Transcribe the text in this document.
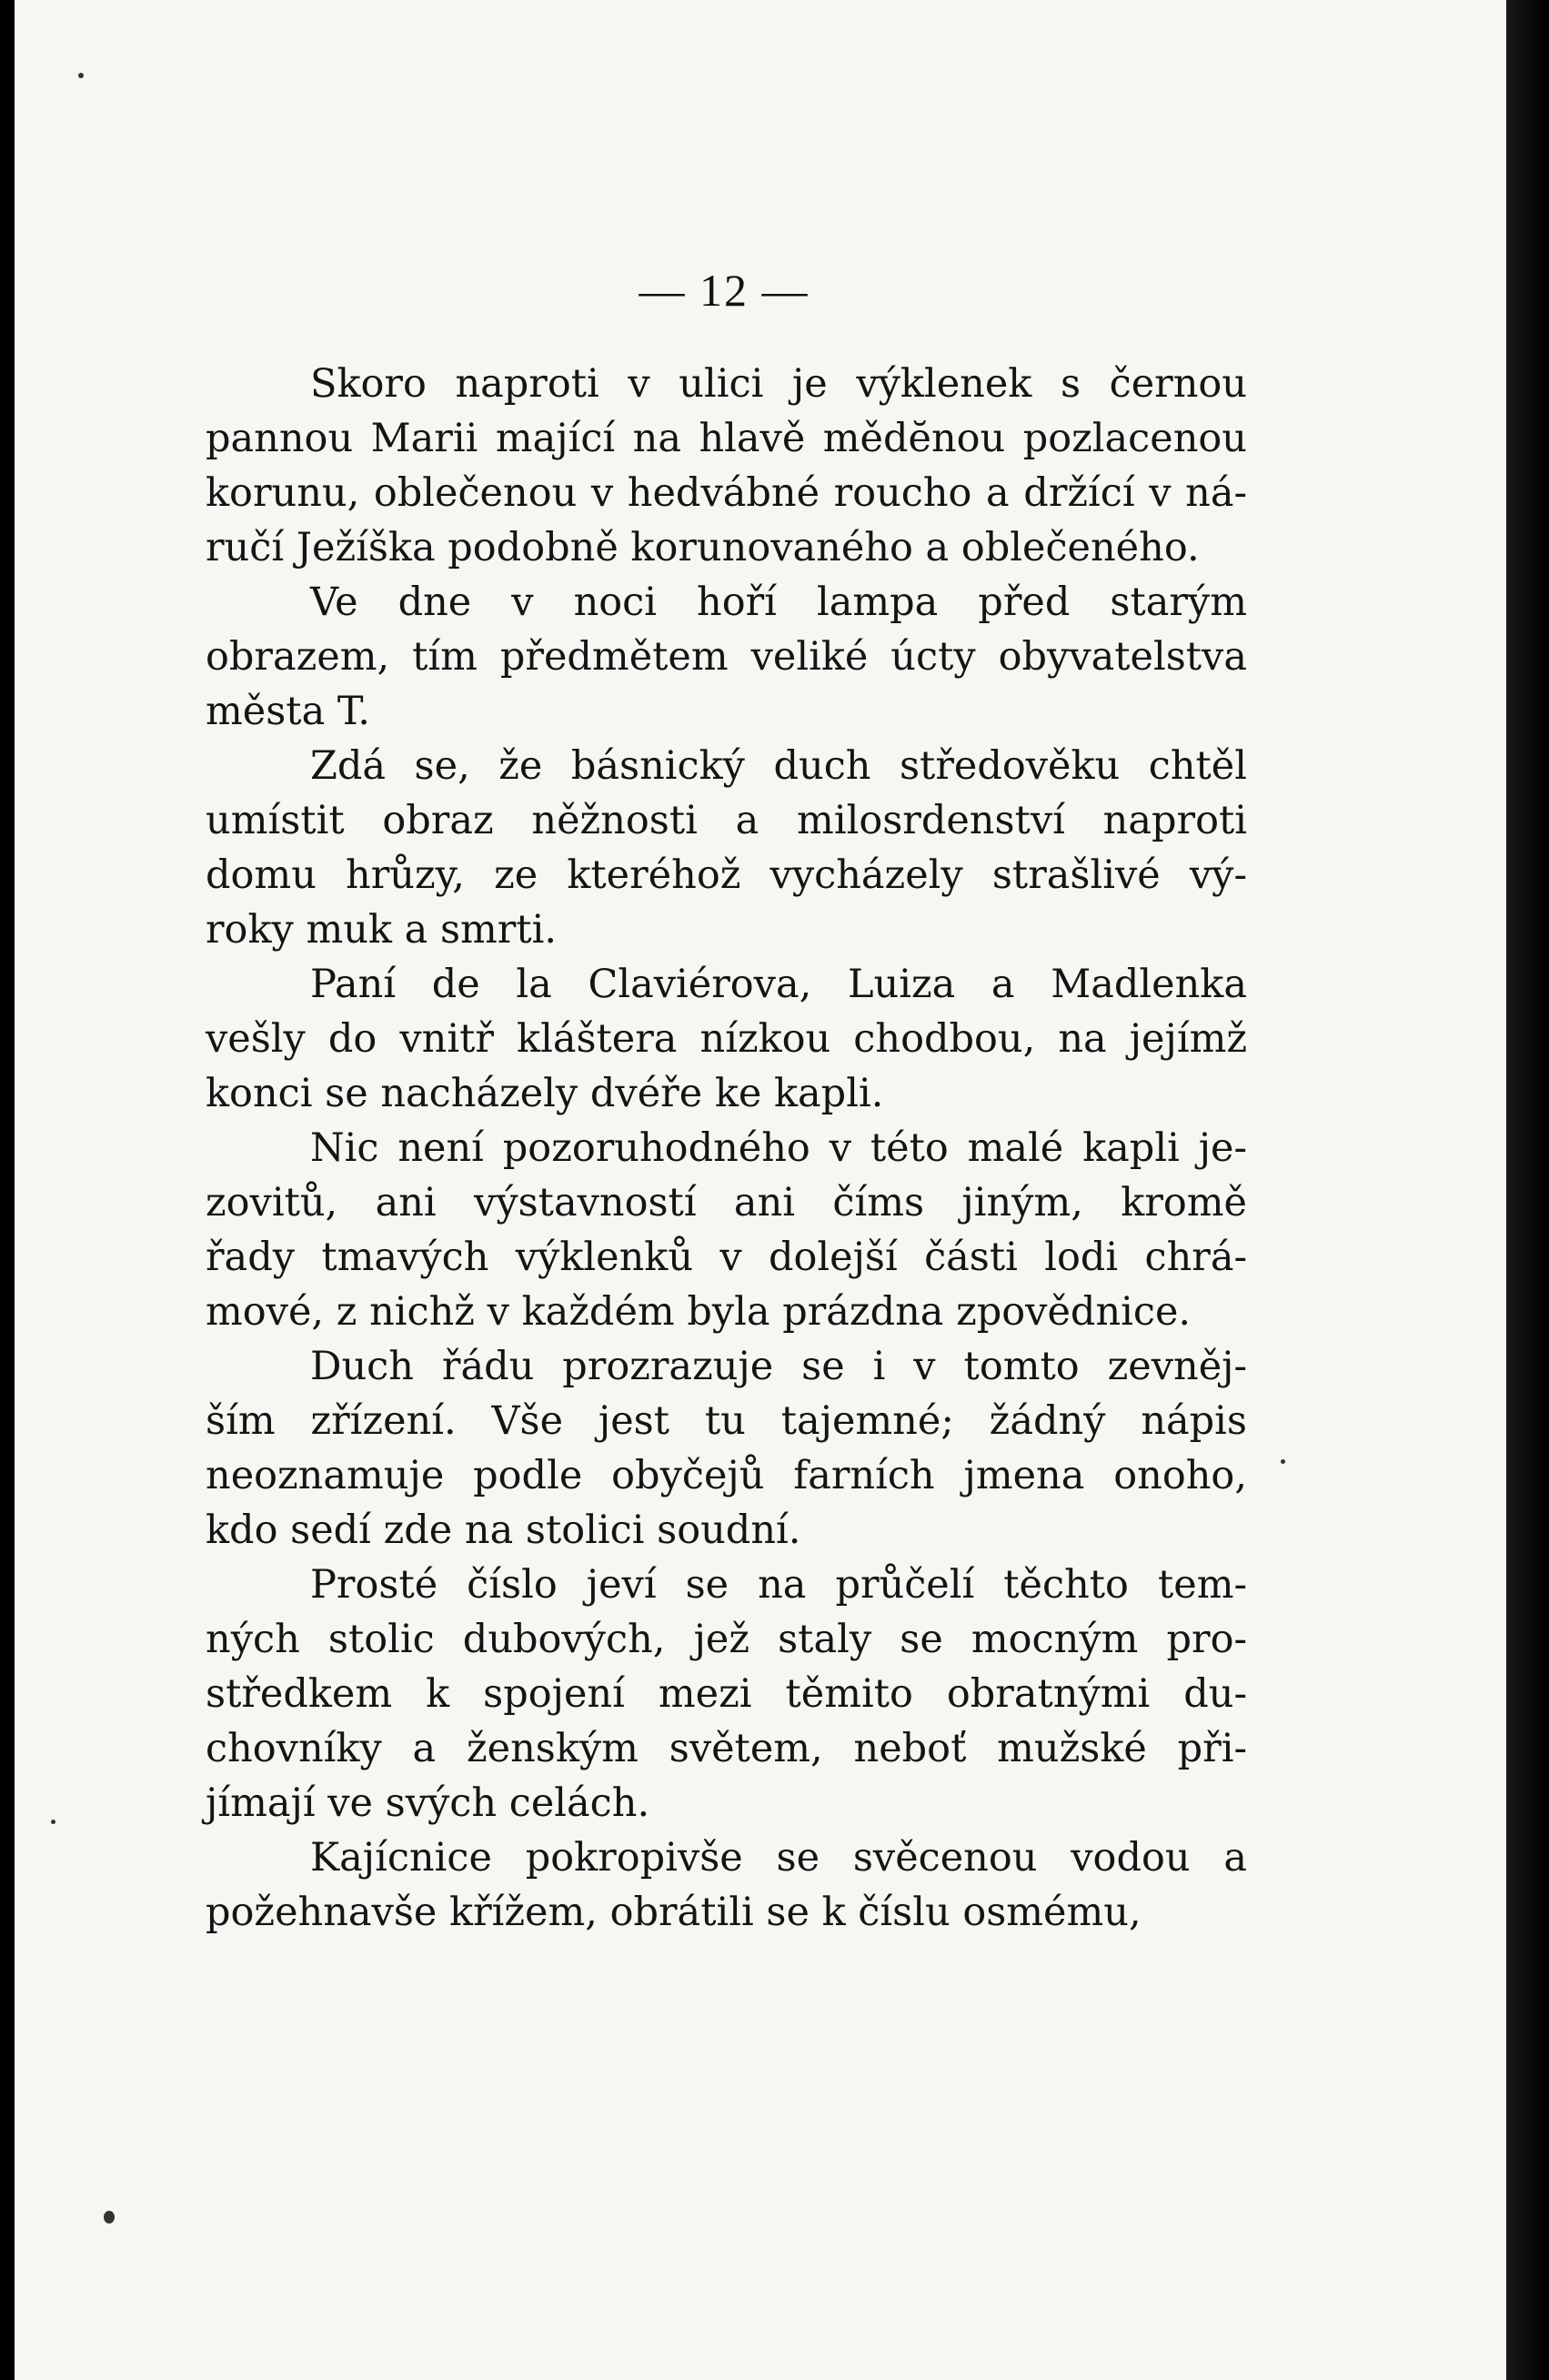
— 12 —
Skoro naproti v ulici je výklenek s černou
pannou Marii mající na hlavě mědĕnou pozlacenou
korunu, oblečenou v hedvábné roucho a držící v ná-
ručí Ježíška podobně korunovaného a oblečeného.
Ve dne v noci hoří lampa před starým
obrazem, tím předmětem veliké úcty obyvatelstva
města T.
Zdá se, že básnický duch středověku chtěl
umístit obraz něžnosti a milosrdenství naproti
domu hrůzy, ze kteréhož vycházely strašlivé vý-
roky muk a smrti.
Paní de la Claviérova, Luiza a Madlenka
vešly do vnitř kláštera nízkou chodbou, na jejímž
konci se nacházely dvéře ke kapli.
Nic není pozoruhodného v této malé kapli je-
zovitů, ani výstavností ani číms jiným, kromě
řady tmavých výklenků v dolejší části lodi chrá-
mové, z nichž v každém byla prázdna zpovědnice.
Duch řádu prozrazuje se i v tomto zevněj-
ším zřízení. Vše jest tu tajemné; žádný nápis
neoznamuje podle obyčejů farních jmena onoho,
kdo sedí zde na stolici soudní.
Prosté číslo jeví se na průčelí těchto tem-
ných stolic dubových, jež staly se mocným pro-
středkem k spojení mezi těmito obratnými du-
chovníky a ženským světem, neboť mužské při-
jímají ve svých celách.
Kajícnice pokropivše se svěcenou vodou a
požehnavše křížem, obrátili se k číslu osmému,
